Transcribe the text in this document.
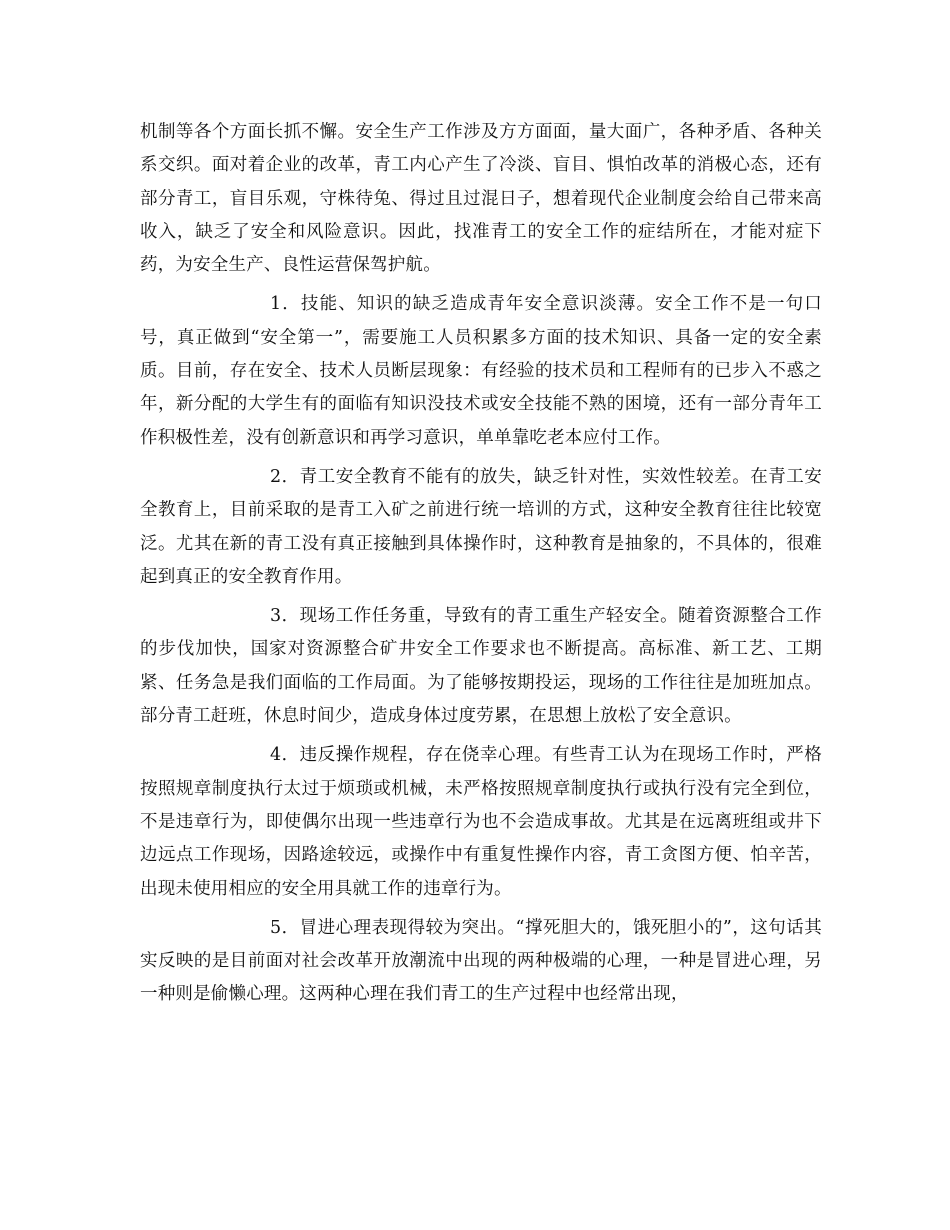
机制等各个方面长抓不懈。安全生产工作涉及方方面面，量大面广，各种矛盾、各种关系交织。面对着企业的改革，青工内心产生了冷淡、盲目、惧怕改革的消极心态，还有部分青工，盲目乐观，守株待兔、得过且过混日子，想着现代企业制度会给自己带来高收入，缺乏了安全和风险意识。因此，找准青工的安全工作的症结所在，才能对症下药，为安全生产、良性运营保驾护航。

1．技能、知识的缺乏造成青年安全意识淡薄。安全工作不是一句口号，真正做到“安全第一”，需要施工人员积累多方面的技术知识、具备一定的安全素质。目前，存在安全、技术人员断层现象：有经验的技术员和工程师有的已步入不惑之年，新分配的大学生有的面临有知识没技术或安全技能不熟的困境，还有一部分青年工作积极性差，没有创新意识和再学习意识，单单靠吃老本应付工作。

2．青工安全教育不能有的放失，缺乏针对性，实效性较差。在青工安全教育上，目前采取的是青工入矿之前进行统一培训的方式，这种安全教育往往比较宽泛。尤其在新的青工没有真正接触到具体操作时，这种教育是抽象的，不具体的，很难起到真正的安全教育作用。

3．现场工作任务重，导致有的青工重生产轻安全。随着资源整合工作的步伐加快，国家对资源整合矿井安全工作要求也不断提高。高标准、新工艺、工期紧、任务急是我们面临的工作局面。为了能够按期投运，现场的工作往往是加班加点。部分青工赶班，休息时间少，造成身体过度劳累，在思想上放松了安全意识。

4．违反操作规程，存在侥幸心理。有些青工认为在现场工作时，严格按照规章制度执行太过于烦琐或机械，未严格按照规章制度执行或执行没有完全到位，不是违章行为，即使偶尔出现一些违章行为也不会造成事故。尤其是在远离班组或井下边远点工作现场，因路途较远，或操作中有重复性操作内容，青工贪图方便、怕辛苦，出现未使用相应的安全用具就工作的违章行为。

5．冒进心理表现得较为突出。“撑死胆大的，饿死胆小的”，这句话其实反映的是目前面对社会改革开放潮流中出现的两种极端的心理，一种是冒进心理，另一种则是偷懒心理。这两种心理在我们青工的生产过程中也经常出现，
